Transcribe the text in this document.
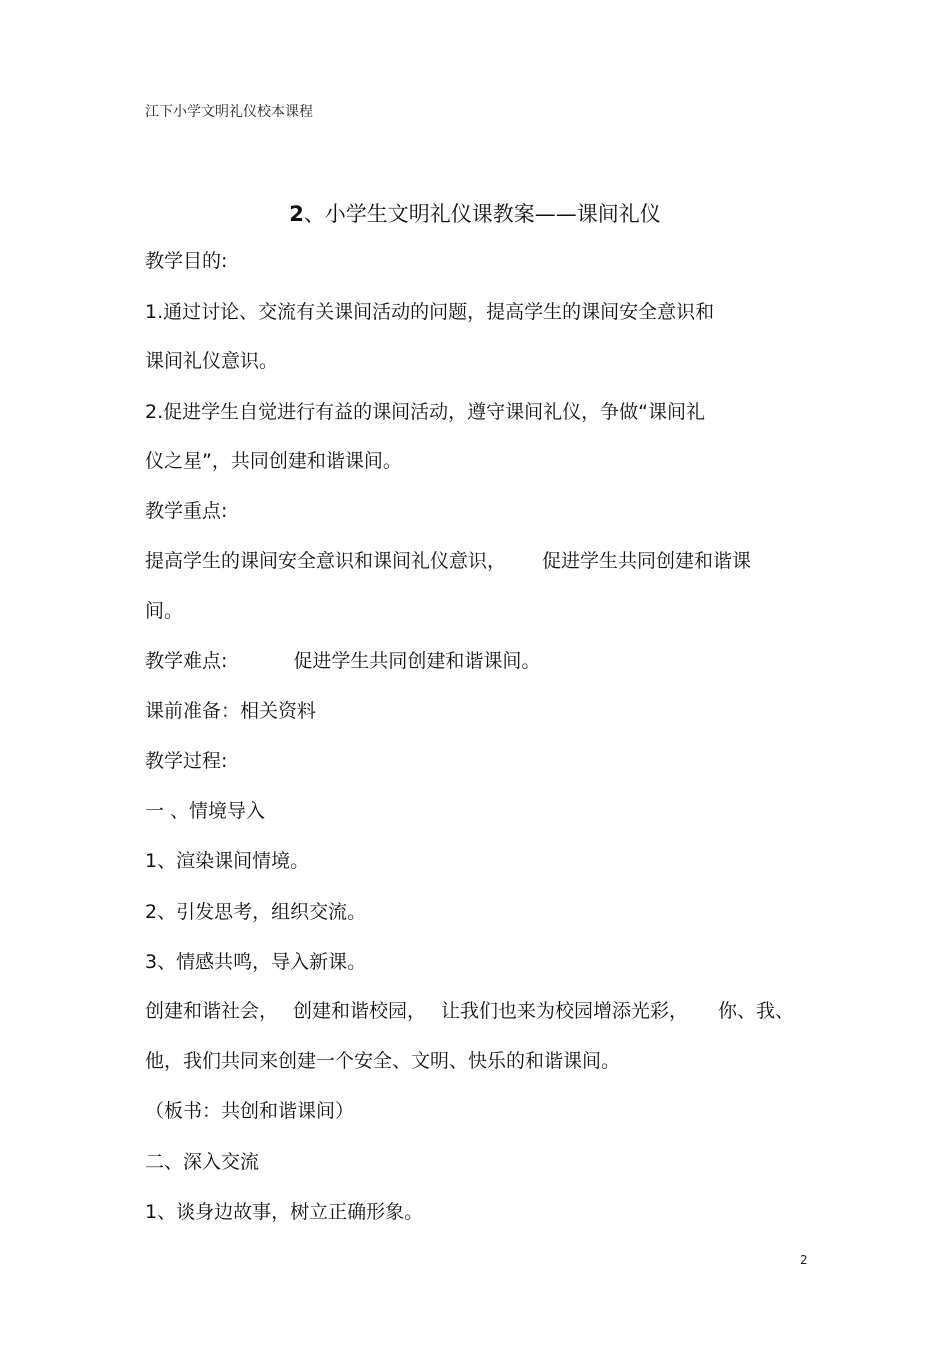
江下小学文明礼仪校本课程
2、小学生文明礼仪课教案——课间礼仪
教学目的:
1.通过讨论、交流有关课间活动的问题，提高学生的课间安全意识和
课间礼仪意识。
2.促进学生自觉进行有益的课间活动，遵守课间礼仪，争做“课间礼
仪之星”，共同创建和谐课间。
教学重点:
提高学生的课间安全意识和课间礼仪意识， 促进学生共同创建和谐课
间。
教学难点:	促进学生共同创建和谐课间。
课前准备：相关资料
教学过程:
一 、情境导入
1、渲染课间情境。
2、引发思考，组织交流。
3、情感共鸣，导入新课。
创建和谐社会， 创建和谐校园， 让我们也来为校园增添光彩， 你、我、
他，我们共同来创建一个安全、文明、快乐的和谐课间。
（板书：共创和谐课间）
二、深入交流
1、谈身边故事，树立正确形象。
2
